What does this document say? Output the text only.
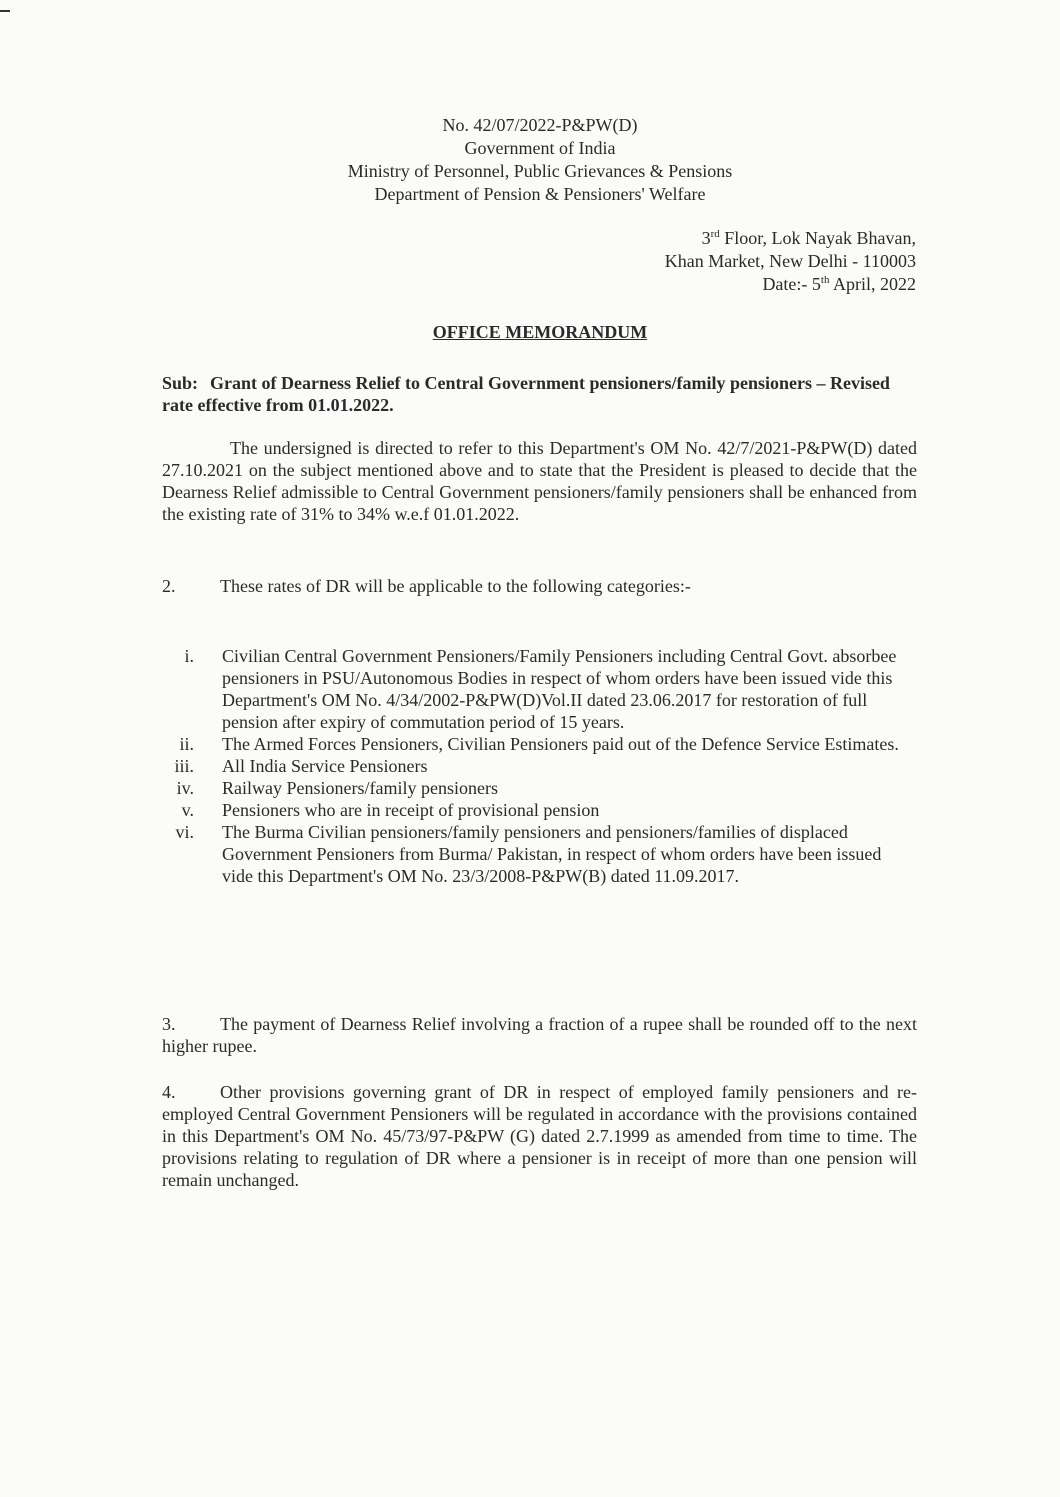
No. 42/07/2022-P&PW(D)
Government of India
Ministry of Personnel, Public Grievances & Pensions
Department of Pension & Pensioners' Welfare
3rd Floor, Lok Nayak Bhavan,
Khan Market, New Delhi - 110003
Date:- 5th April, 2022
OFFICE MEMORANDUM
Sub: Grant of Dearness Relief to Central Government pensioners/family pensioners – Revised rate effective from 01.01.2022.
The undersigned is directed to refer to this Department's OM No. 42/7/2021-P&PW(D) dated 27.10.2021 on the subject mentioned above and to state that the President is pleased to decide that the Dearness Relief admissible to Central Government pensioners/family pensioners shall be enhanced from the existing rate of 31% to 34% w.e.f 01.01.2022.
2. These rates of DR will be applicable to the following categories:-
i. Civilian Central Government Pensioners/Family Pensioners including Central Govt. absorbee pensioners in PSU/Autonomous Bodies in respect of whom orders have been issued vide this Department's OM No. 4/34/2002-P&PW(D)Vol.II dated 23.06.2017 for restoration of full pension after expiry of commutation period of 15 years.
ii. The Armed Forces Pensioners, Civilian Pensioners paid out of the Defence Service Estimates.
iii. All India Service Pensioners
iv. Railway Pensioners/family pensioners
v. Pensioners who are in receipt of provisional pension
vi. The Burma Civilian pensioners/family pensioners and pensioners/families of displaced Government Pensioners from Burma/ Pakistan, in respect of whom orders have been issued vide this Department's OM No. 23/3/2008-P&PW(B) dated 11.09.2017.
3. The payment of Dearness Relief involving a fraction of a rupee shall be rounded off to the next higher rupee.
4. Other provisions governing grant of DR in respect of employed family pensioners and re-employed Central Government Pensioners will be regulated in accordance with the provisions contained in this Department's OM No. 45/73/97-P&PW (G) dated 2.7.1999 as amended from time to time. The provisions relating to regulation of DR where a pensioner is in receipt of more than one pension will remain unchanged.
